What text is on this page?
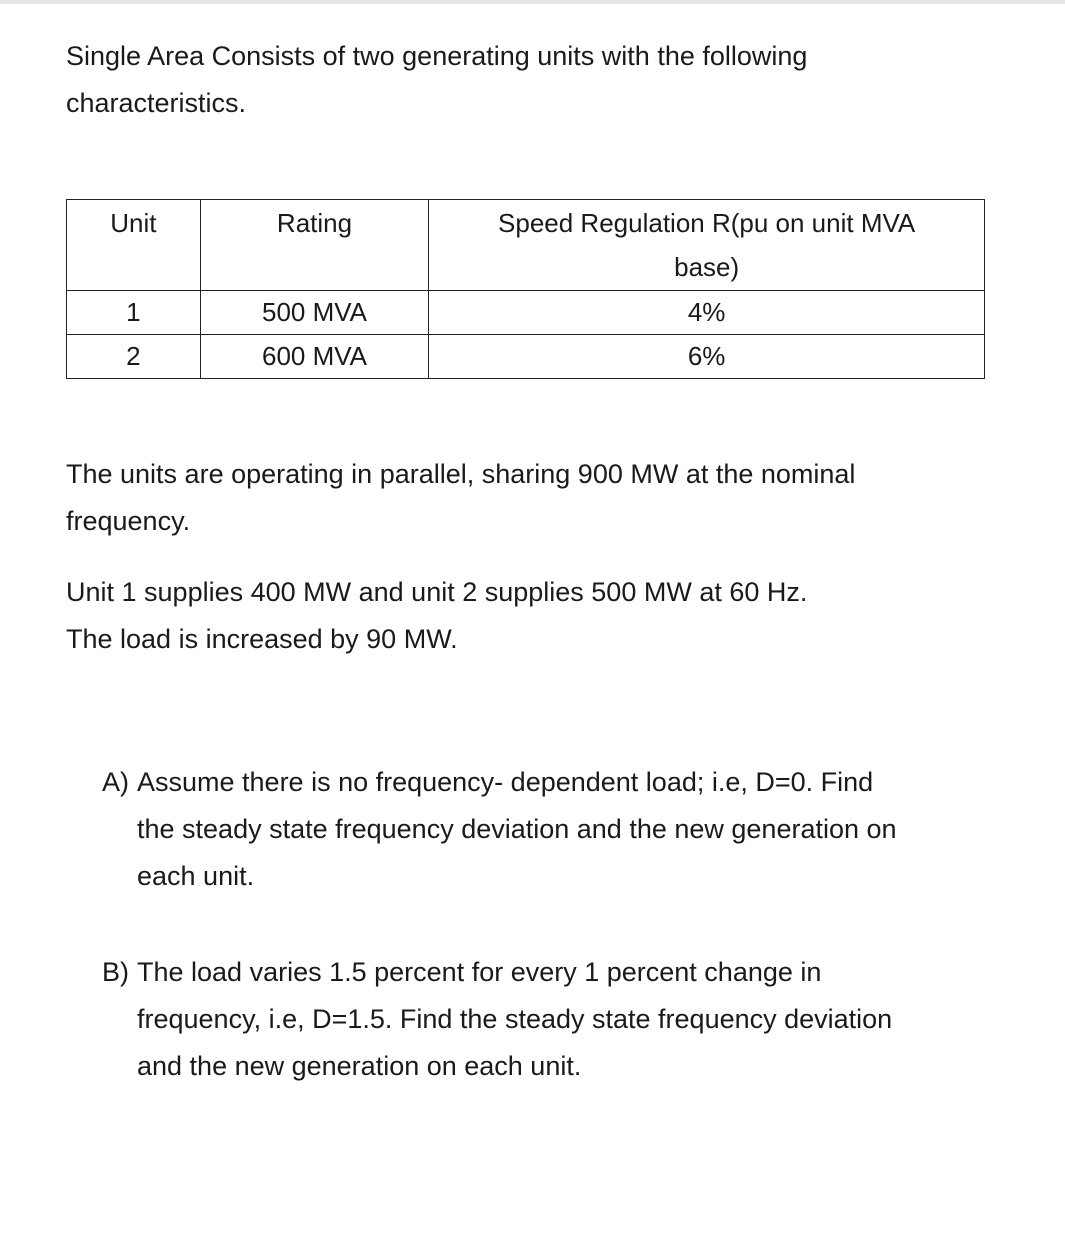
Single Area Consists of two generating units with the following
characteristics.
Unit	Rating	Speed Regulation R(pu on unit MVA
base)

1	500 MVA	4%
2	600 MVA	6%
The units are operating in parallel, sharing 900 MW at the nominal
frequency.
Unit 1 supplies 400 MW and unit 2 supplies 500 MW at 60 Hz.
The load is increased by 90 MW.
A) Assume there is no frequency- dependent load; i.e, D=0. Find
the steady state frequency deviation and the new generation on
each unit.
B) The load varies 1.5 percent for every 1 percent change in
frequency, i.e, D=1.5. Find the steady state frequency deviation
and the new generation on each unit.
